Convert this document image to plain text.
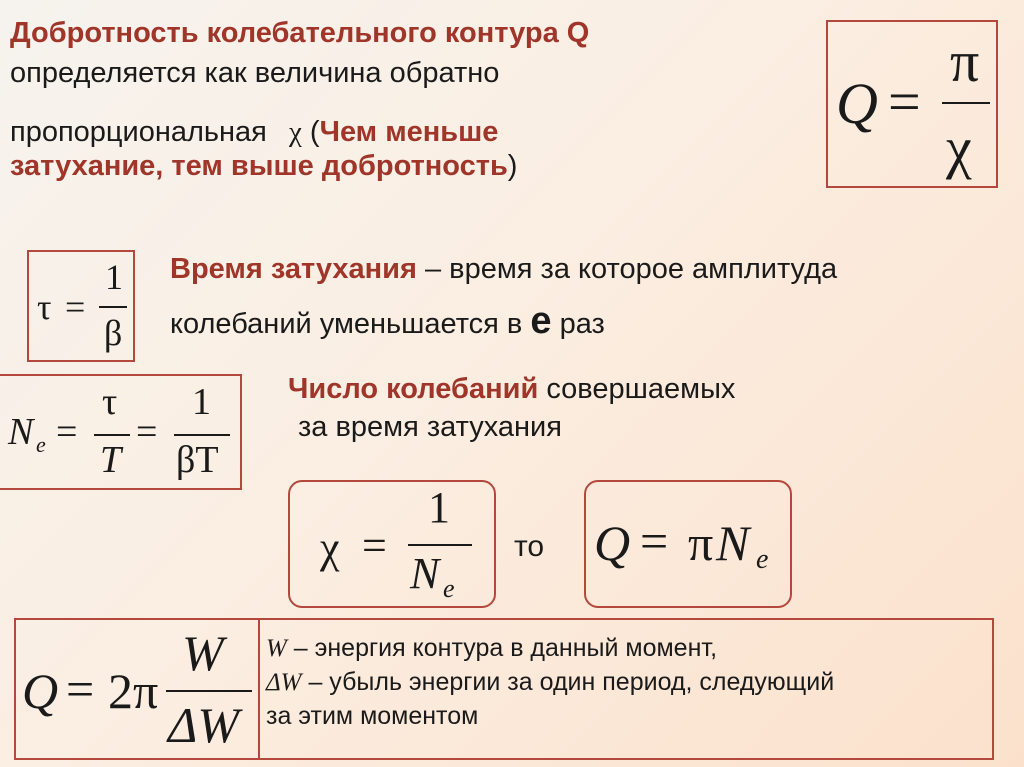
Добротность колебательного контура Q
определяется как величина обратно
пропорциональная χ (Чем меньше
затухание, тем выше добротность)
Q =
π
χ
τ =
1
β
Время затухания – время за которое амплитуда
колебаний уменьшается в e раз
N e =
τ
T
=
1
βT
Число колебаний совершаемых
за время затухания
χ =
1
N e
то Q = π N e
Q = 2π
W
ΔW
W – энергия контура в данный момент,
ΔW – убыль энергии за один период, следующий
за этим моментом
